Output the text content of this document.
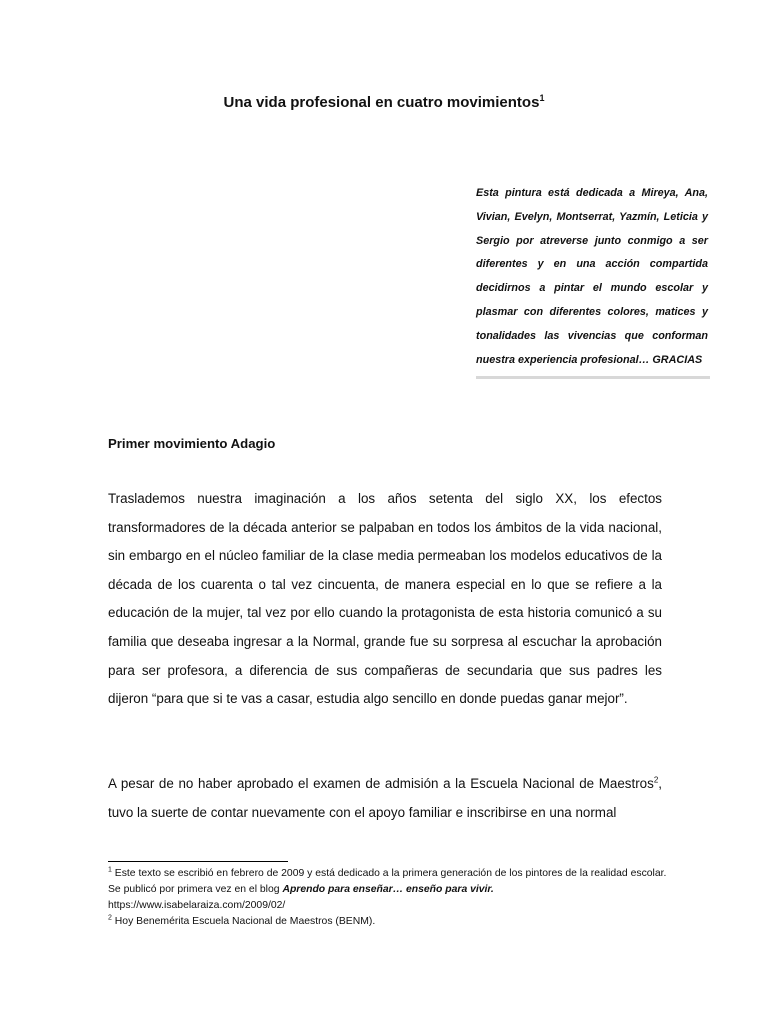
Una vida profesional en cuatro movimientos$^1$
Esta pintura está dedicada a Mireya, Ana, Vivian, Evelyn, Montserrat, Yazmín, Leticia y Sergio por atreverse junto conmigo a ser diferentes y en una acción compartida decidirnos a pintar el mundo escolar y plasmar con diferentes colores, matices y tonalidades las vivencias que conforman nuestra experiencia profesional… GRACIAS
Primer movimiento Adagio

Traslademos nuestra imaginación a los años setenta del siglo XX, los efectos transformadores de la década anterior se palpaban en todos los ámbitos de la vida nacional, sin embargo en el núcleo familiar de la clase media permeaban los modelos educativos de la década de los cuarenta o tal vez cincuenta, de manera especial en lo que se refiere a la educación de la mujer, tal vez por ello cuando la protagonista de esta historia comunicó a su familia que deseaba ingresar a la Normal, grande fue su sorpresa al escuchar la aprobación para ser profesora, a diferencia de sus compañeras de secundaria que sus padres les dijeron “para que si te vas a casar, estudia algo sencillo en donde puedas ganar mejor”.

A pesar de no haber aprobado el examen de admisión a la Escuela Nacional de Maestros$^2$, tuvo la suerte de contar nuevamente con el apoyo familiar e inscribirse en una normal

$^1$ Este texto se escribió en febrero de 2009 y está dedicado a la primera generación de los pintores de la realidad escolar. Se publicó por primera vez en el blog Aprendo para enseñar… enseño para vivir.
https://www.isabelaraiza.com/2009/02/
$^2$ Hoy Benemérita Escuela Nacional de Maestros (BENM).
